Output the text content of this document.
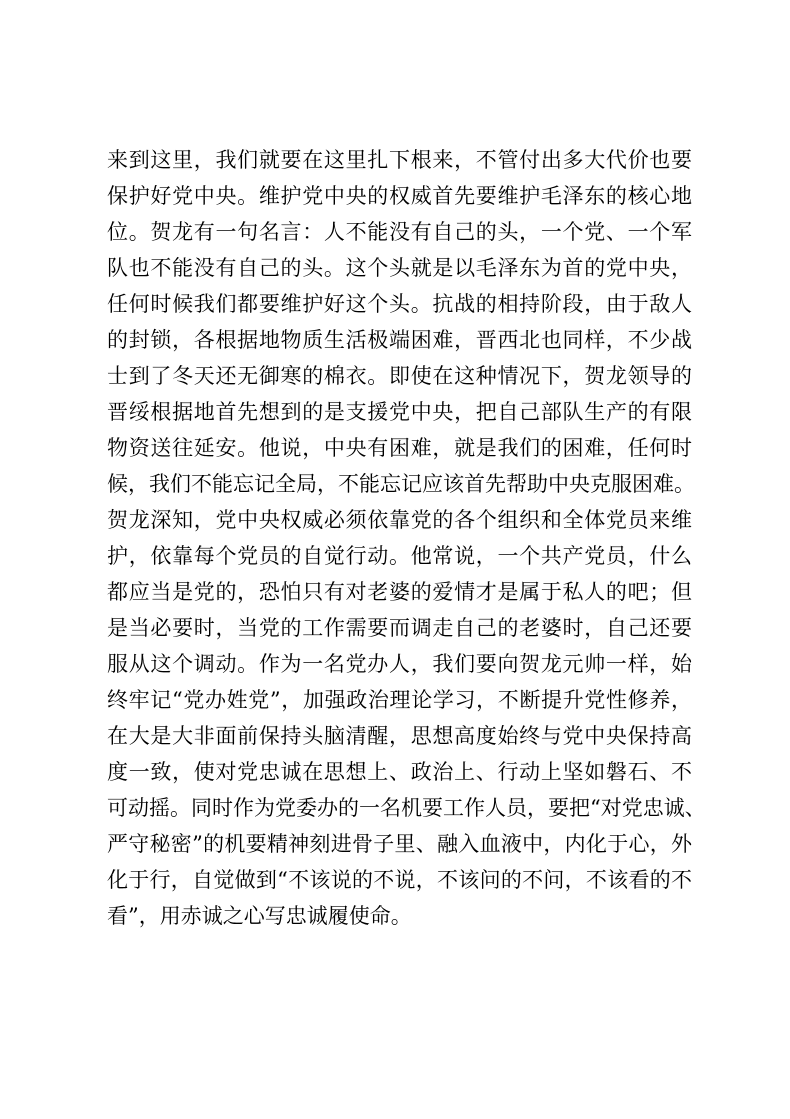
来到这里，我们就要在这里扎下根来，不管付出多大代价也要
保护好党中央。维护党中央的权威首先要维护毛泽东的核心地
位。贺龙有一句名言：人不能没有自己的头，一个党、一个军
队也不能没有自己的头。这个头就是以毛泽东为首的党中央，
任何时候我们都要维护好这个头。抗战的相持阶段，由于敌人
的封锁，各根据地物质生活极端困难，晋西北也同样，不少战
士到了冬天还无御寒的棉衣。即使在这种情况下，贺龙领导的
晋绥根据地首先想到的是支援党中央，把自己部队生产的有限
物资送往延安。他说，中央有困难，就是我们的困难，任何时
候，我们不能忘记全局，不能忘记应该首先帮助中央克服困难。
贺龙深知，党中央权威必须依靠党的各个组织和全体党员来维
护，依靠每个党员的自觉行动。他常说，一个共产党员，什么
都应当是党的，恐怕只有对老婆的爱情才是属于私人的吧；但
是当必要时，当党的工作需要而调走自己的老婆时，自己还要
服从这个调动。作为一名党办人，我们要向贺龙元帅一样，始
终牢记“党办姓党”，加强政治理论学习，不断提升党性修养，
在大是大非面前保持头脑清醒，思想高度始终与党中央保持高
度一致，使对党忠诚在思想上、政治上、行动上坚如磐石、不
可动摇。同时作为党委办的一名机要工作人员，要把“对党忠诚、
严守秘密”的机要精神刻进骨子里、融入血液中，内化于心，外
化于行，自觉做到“不该说的不说，不该问的不问，不该看的不
看”，用赤诚之心写忠诚履使命。
